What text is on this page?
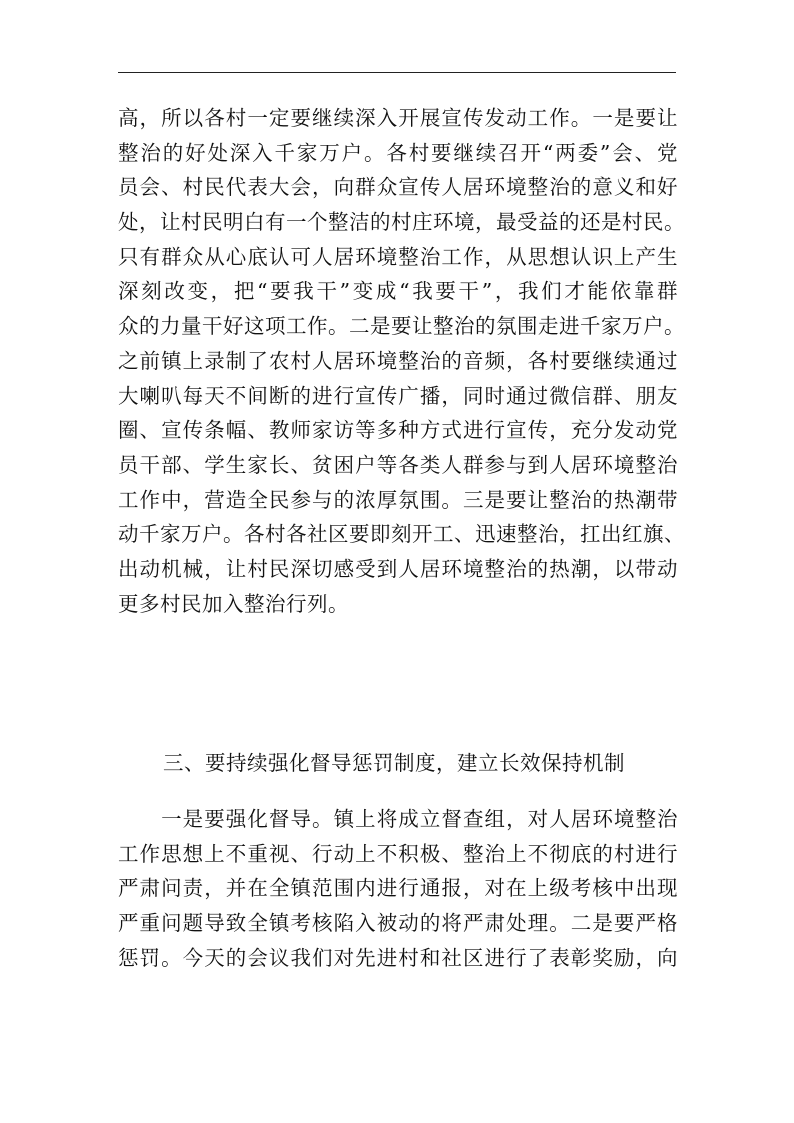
高，所以各村一定要继续深入开展宣传发动工作。一是要让
整治的好处深入千家万户。各村要继续召开“两委”会、党
员会、村民代表大会，向群众宣传人居环境整治的意义和好
处，让村民明白有一个整洁的村庄环境，最受益的还是村民。
只有群众从心底认可人居环境整治工作，从思想认识上产生
深刻改变，把“要我干”变成“我要干”，我们才能依靠群
众的力量干好这项工作。二是要让整治的氛围走进千家万户。
之前镇上录制了农村人居环境整治的音频，各村要继续通过
大喇叭每天不间断的进行宣传广播，同时通过微信群、朋友
圈、宣传条幅、教师家访等多种方式进行宣传，充分发动党
员干部、学生家长、贫困户等各类人群参与到人居环境整治
工作中，营造全民参与的浓厚氛围。三是要让整治的热潮带
动千家万户。各村各社区要即刻开工、迅速整治，扛出红旗、
出动机械，让村民深切感受到人居环境整治的热潮，以带动
更多村民加入整治行列。
三、要持续强化督导惩罚制度，建立长效保持机制
　　一是要强化督导。镇上将成立督查组，对人居环境整治
工作思想上不重视、行动上不积极、整治上不彻底的村进行
严肃问责，并在全镇范围内进行通报，对在上级考核中出现
严重问题导致全镇考核陷入被动的将严肃处理。二是要严格
惩罚。今天的会议我们对先进村和社区进行了表彰奖励，向
